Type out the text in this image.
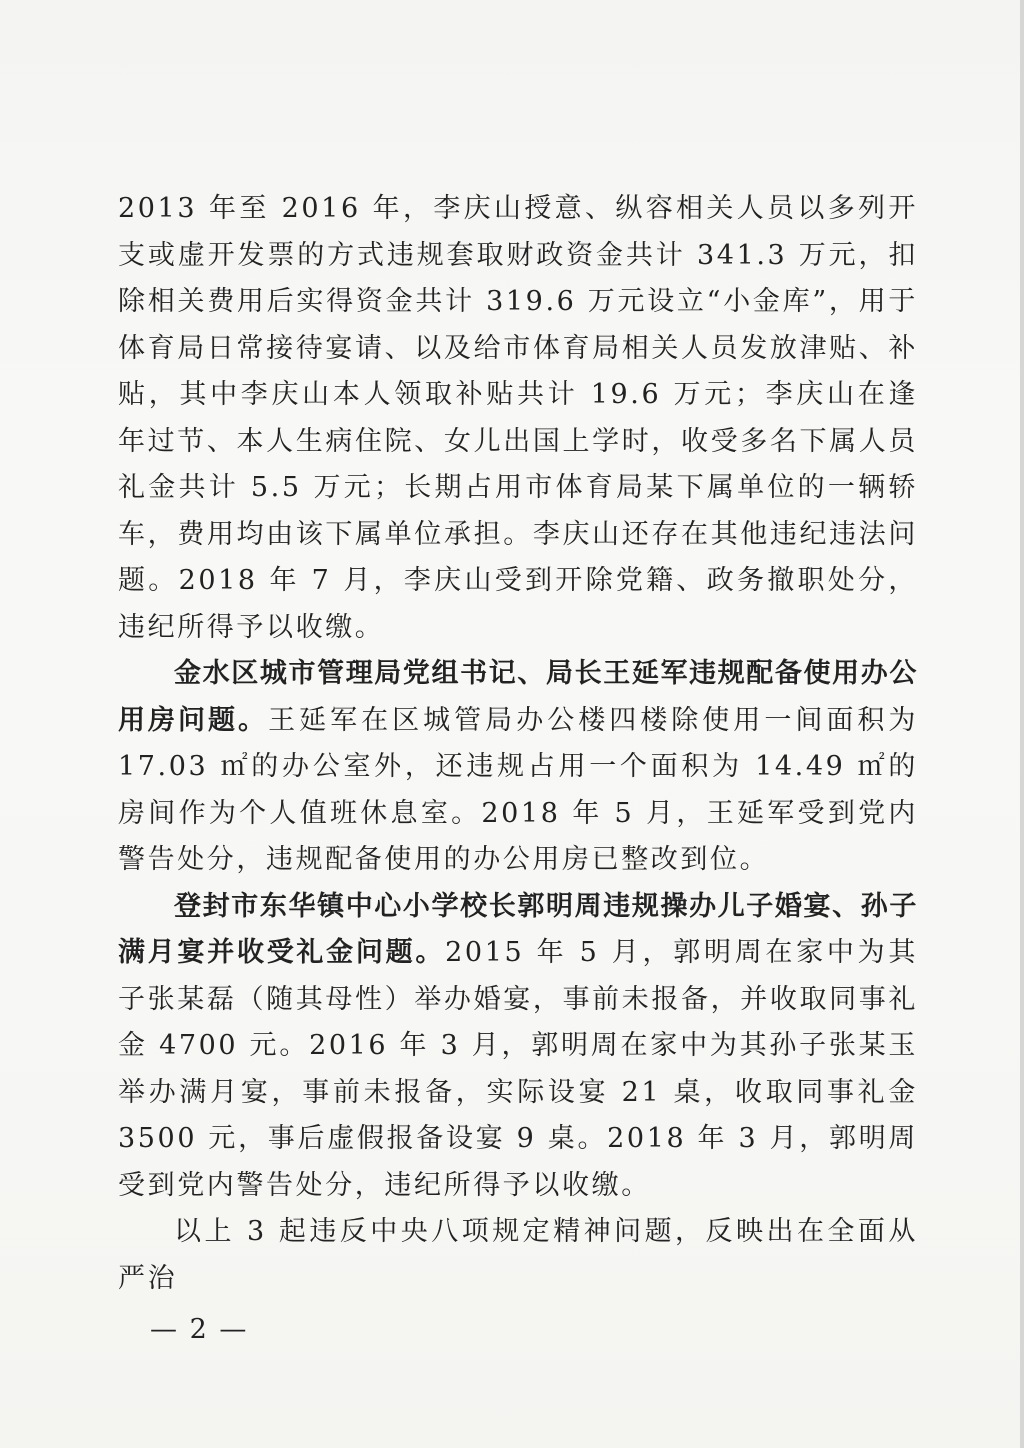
2013 年至 2016 年，李庆山授意、纵容相关人员以多列开支或虚开发票的方式违规套取财政资金共计 341.3 万元，扣除相关费用后实得资金共计 319.6 万元设立“小金库”，用于体育局日常接待宴请、以及给市体育局相关人员发放津贴、补贴，其中李庆山本人领取补贴共计 19.6 万元；李庆山在逢年过节、本人生病住院、女儿出国上学时，收受多名下属人员礼金共计 5.5 万元；长期占用市体育局某下属单位的一辆轿车，费用均由该下属单位承担。李庆山还存在其他违纪违法问题。2018 年 7 月，李庆山受到开除党籍、政务撤职处分，违纪所得予以收缴。

金水区城市管理局党组书记、局长王延军违规配备使用办公用房问题。王延军在区城管局办公楼四楼除使用一间面积为 17.03 ㎡的办公室外，还违规占用一个面积为 14.49 ㎡的房间作为个人值班休息室。2018 年 5 月，王延军受到党内警告处分，违规配备使用的办公用房已整改到位。

登封市东华镇中心小学校长郭明周违规操办儿子婚宴、孙子满月宴并收受礼金问题。2015 年 5 月，郭明周在家中为其子张某磊（随其母性）举办婚宴，事前未报备，并收取同事礼金 4700 元。2016 年 3 月，郭明周在家中为其孙子张某玉举办满月宴，事前未报备，实际设宴 21 桌，收取同事礼金 3500 元，事后虚假报备设宴 9 桌。2018 年 3 月，郭明周受到党内警告处分，违纪所得予以收缴。

以上 3 起违反中央八项规定精神问题，反映出在全面从严治

— 2 —
